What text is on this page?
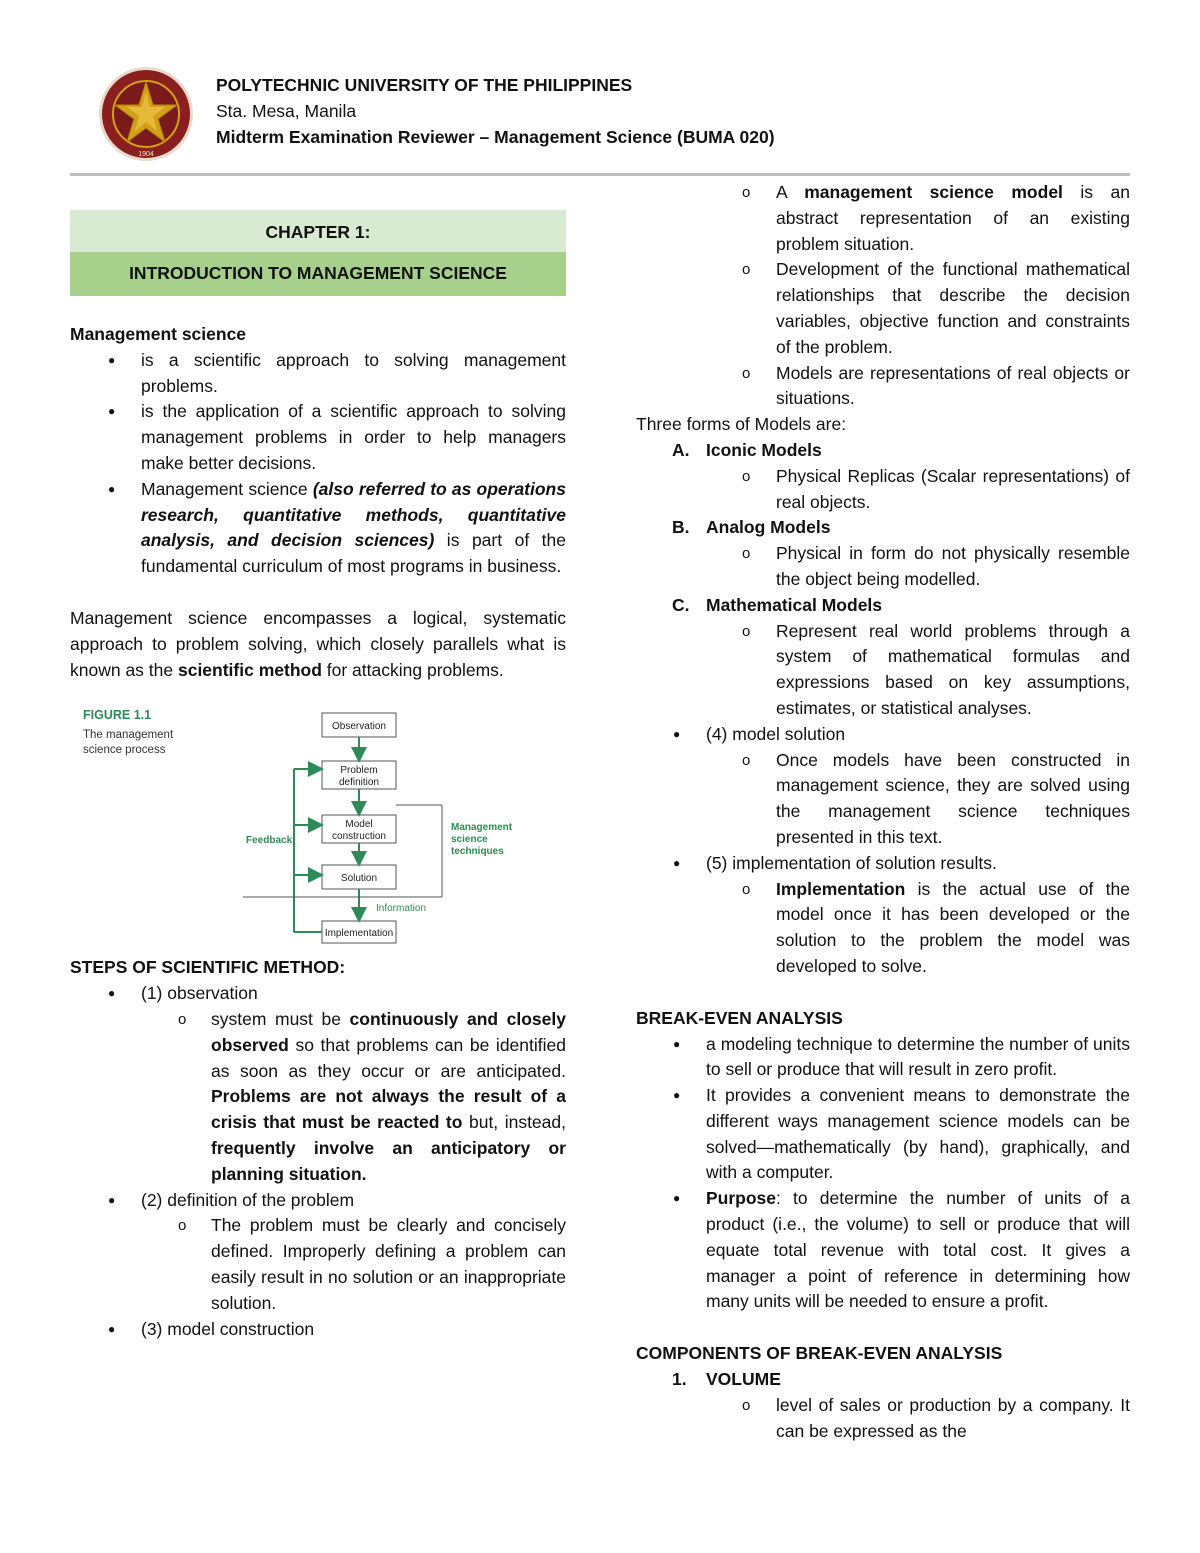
1904
POLYTECHNIC UNIVERSITY OF THE PHILIPPINES
Sta. Mesa, Manila
Midterm Examination Reviewer – Management Science (BUMA 020)
CHAPTER 1:
INTRODUCTION TO MANAGEMENT SCIENCE
Management science
● is a scientific approach to solving management problems.
● is the application of a scientific approach to solving management problems in order to help managers make better decisions.
● Management science (also referred to as operations research, quantitative methods, quantitative analysis, and decision sciences) is part of the fundamental curriculum of most programs in business.

Management science encompasses a logical, systematic approach to problem solving, which closely parallels what is known as the scientific method for attacking problems.

FIGURE 1.1
The management
science process
Observation
Problem
definition
Model
construction
Solution
Implementation
Feedback
Management
science
techniques
Information
STEPS OF SCIENTIFIC METHOD:
● (1) observation
o system must be continuously and closely observed so that problems can be identified as soon as they occur or are anticipated. Problems are not always the result of a crisis that must be reacted to but, instead, frequently involve an anticipatory or planning situation.
● (2) definition of the problem
o The problem must be clearly and concisely defined. Improperly defining a problem can easily result in no solution or an inappropriate solution.
● (3) model construction
o A management science model is an abstract representation of an existing problem situation.
o Development of the functional mathematical relationships that describe the decision variables, objective function and constraints of the problem.
o Models are representations of real objects or situations.
Three forms of Models are:
A. Iconic Models
o Physical Replicas (Scalar representations) of real objects.
B. Analog Models
o Physical in form do not physically resemble the object being modelled.
C. Mathematical Models
o Represent real world problems through a system of mathematical formulas and expressions based on key assumptions, estimates, or statistical analyses.
● (4) model solution
o Once models have been constructed in management science, they are solved using the management science techniques presented in this text.
● (5) implementation of solution results.
o Implementation is the actual use of the model once it has been developed or the solution to the problem the model was developed to solve.
BREAK-EVEN ANALYSIS
● a modeling technique to determine the number of units to sell or produce that will result in zero profit.
● It provides a convenient means to demonstrate the different ways management science models can be solved—mathematically (by hand), graphically, and with a computer.
● Purpose: to determine the number of units of a product (i.e., the volume) to sell or produce that will equate total revenue with total cost. It gives a manager a point of reference in determining how many units will be needed to ensure a profit.
COMPONENTS OF BREAK-EVEN ANALYSIS
1. VOLUME
o level of sales or production by a company. It can be expressed as the
